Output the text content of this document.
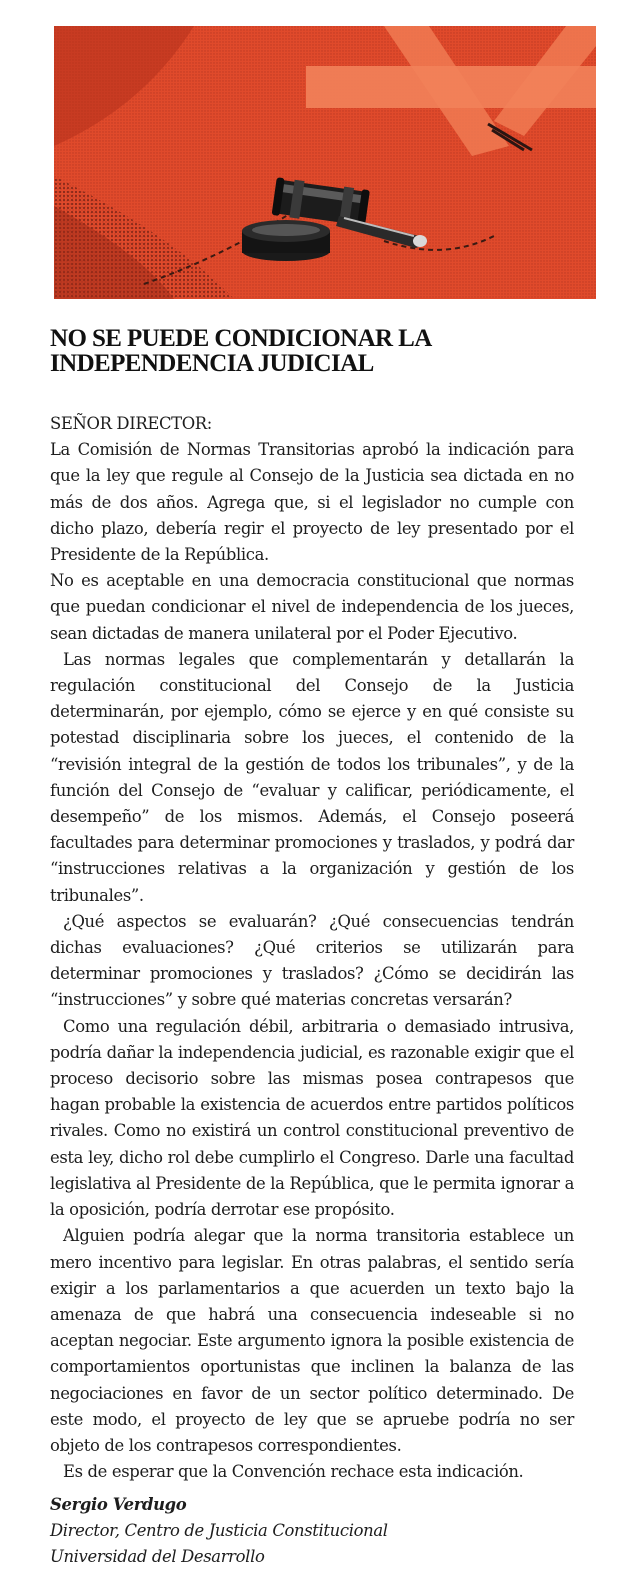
NO SE PUEDE CONDICIONAR LA
INDEPENDENCIA JUDICIAL

SEÑOR DIRECTOR:

La Comisión de Normas Transitorias aprobó la indicación para que la ley que regule al Consejo de la Justicia sea dictada en no más de dos años. Agrega que, si el legislador no cumple con dicho plazo, debería regir el proyecto de ley presentado por el Presidente de la República.

No es aceptable en una democracia constitucional que normas que puedan condicionar el nivel de independencia de los jueces, sean dictadas de manera unilateral por el Poder Ejecutivo.

Las normas legales que complementarán y detallarán la regulación constitucional del Consejo de la Justicia determinarán, por ejemplo, cómo se ejerce y en qué consiste su potestad disciplinaria sobre los jueces, el contenido de la “revisión integral de la gestión de todos los tribunales”, y de la función del Consejo de “evaluar y calificar, periódicamente, el desempeño” de los mismos. Además, el Consejo poseerá facultades para determinar promociones y traslados, y podrá dar “instrucciones relativas a la organización y gestión de los tribunales”.

¿Qué aspectos se evaluarán? ¿Qué consecuencias tendrán dichas evaluaciones? ¿Qué criterios se utilizarán para determinar promociones y traslados? ¿Cómo se decidirán las “instrucciones” y sobre qué materias concretas versarán?

Como una regulación débil, arbitraria o demasiado intrusiva, podría dañar la independencia judicial, es razonable exigir que el proceso decisorio sobre las mismas posea contrapesos que hagan probable la existencia de acuerdos entre partidos políticos rivales. Como no existirá un control constitucional preventivo de esta ley, dicho rol debe cumplirlo el Congreso. Darle una facultad legislativa al Presidente de la República, que le permita ignorar a la oposición, podría derrotar ese propósito.

Alguien podría alegar que la norma transitoria establece un mero incentivo para legislar. En otras palabras, el sentido sería exigir a los parlamentarios a que acuerden un texto bajo la amenaza de que habrá una consecuencia indeseable si no aceptan negociar. Este argumento ignora la posible existencia de comportamientos oportunistas que inclinen la balanza de las negociaciones en favor de un sector político determinado. De este modo, el proyecto de ley que se apruebe podría no ser objeto de los contrapesos correspondientes.

Es de esperar que la Convención rechace esta indicación.

Sergio Verdugo
Director, Centro de Justicia Constitucional
Universidad del Desarrollo
